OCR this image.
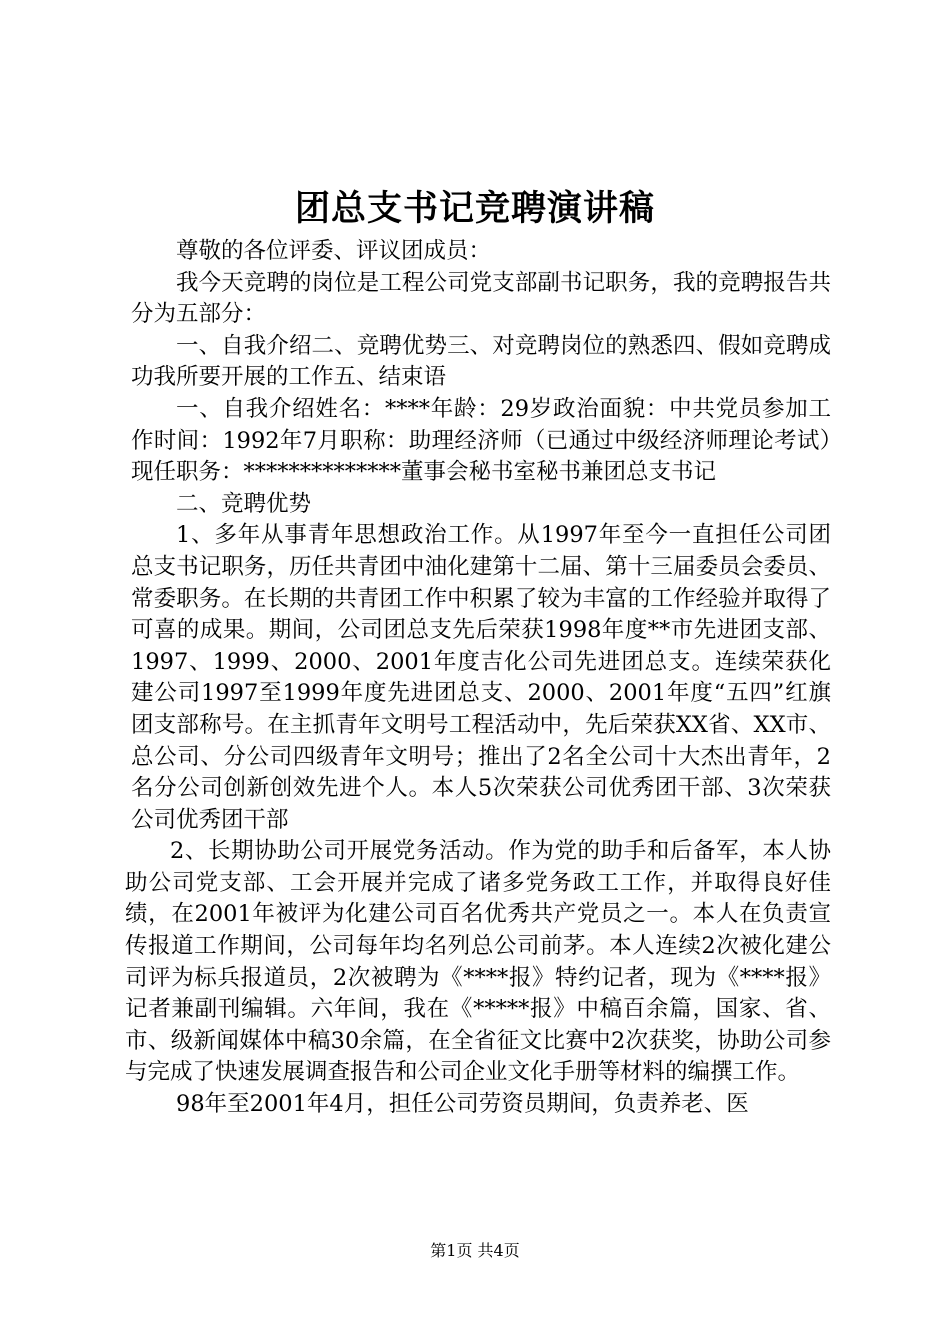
团总支书记竞聘演讲稿

尊敬的各位评委、评议团成员：

我今天竞聘的岗位是工程公司党支部副书记职务，我的竞聘报告共分为五部分：

一、自我介绍二、竞聘优势三、对竞聘岗位的熟悉四、假如竞聘成功我所要开展的工作五、结束语

一、自我介绍姓名：****年龄：29岁政治面貌：中共党员参加工作时间：1992年7月职称：助理经济师（已通过中级经济师理论考试）现任职务：**************董事会秘书室秘书兼团总支书记

二、竞聘优势

1、多年从事青年思想政治工作。从1997年至今一直担任公司团总支书记职务，历任共青团中油化建第十二届、第十三届委员会委员、常委职务。在长期的共青团工作中积累了较为丰富的工作经验并取得了可喜的成果。期间，公司团总支先后荣获1998年度**市先进团支部、1997、1999、2000、2001年度吉化公司先进团总支。连续荣获化建公司1997至1999年度先进团总支、2000、2001年度“五四”红旗团支部称号。在主抓青年文明号工程活动中，先后荣获XX省、XX市、总公司、分公司四级青年文明号；推出了2名全公司十大杰出青年，2名分公司创新创效先进个人。本人5次荣获公司优秀团干部、3次荣获公司优秀团干部

2、长期协助公司开展党务活动。作为党的助手和后备军，本人协助公司党支部、工会开展并完成了诸多党务政工工作，并取得良好佳绩，在2001年被评为化建公司百名优秀共产党员之一。本人在负责宣传报道工作期间，公司每年均名列总公司前茅。本人连续2次被化建公司评为标兵报道员，2次被聘为《****报》特约记者，现为《****报》记者兼副刊编辑。六年间，我在《*****报》中稿百余篇，国家、省、市、级新闻媒体中稿30余篇，在全省征文比赛中2次获奖，协助公司参与完成了快速发展调查报告和公司企业文化手册等材料的编撰工作。

98年至2001年4月，担任公司劳资员期间，负责养老、医

第1页 共4页
